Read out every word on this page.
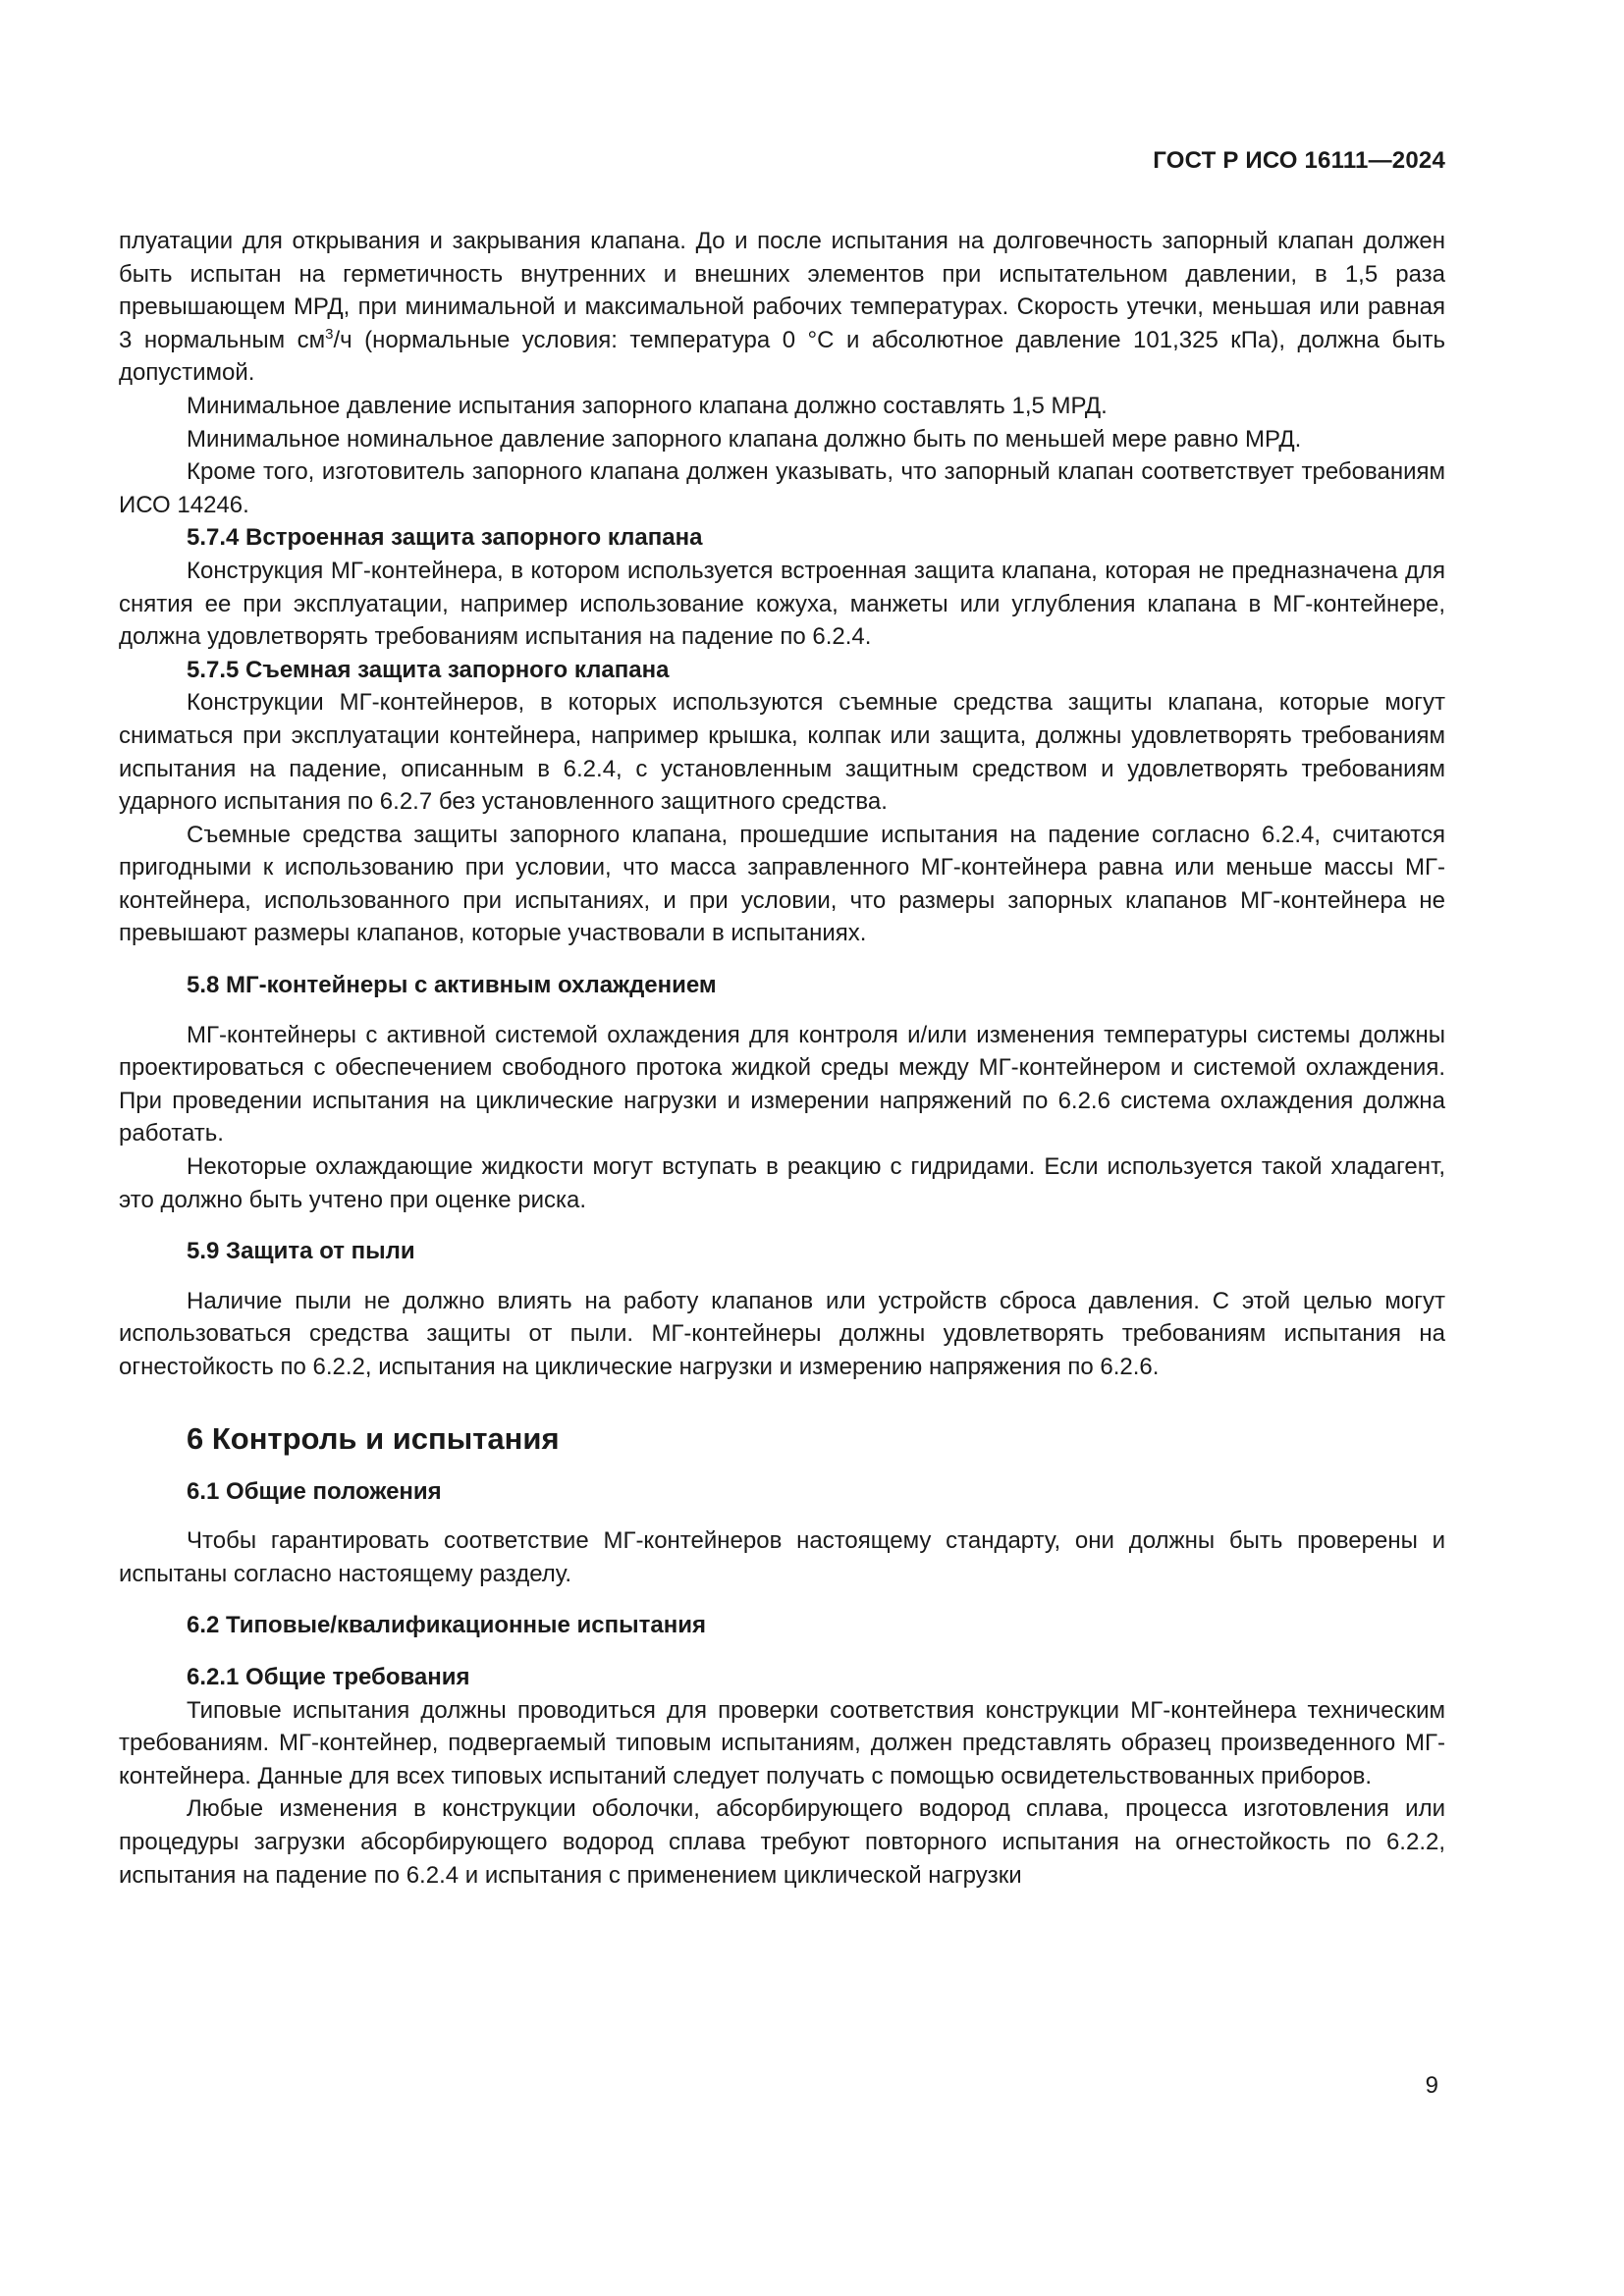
ГОСТ Р ИСО 16111—2024

плуатации для открывания и закрывания клапана. До и после испытания на долговечность запорный клапан должен быть испытан на герметичность внутренних и внешних элементов при испытательном давлении, в 1,5 раза превышающем МРД, при минимальной и максимальной рабочих температурах. Скорость утечки, меньшая или равная 3 нормальным $см^3/ч$ (нормальные условия: температура 0 °С и абсолютное давление 101,325 кПа), должна быть допустимой.

Минимальное давление испытания запорного клапана должно составлять 1,5 МРД.

Минимальное номинальное давление запорного клапана должно быть по меньшей мере равно МРД.

Кроме того, изготовитель запорного клапана должен указывать, что запорный клапан соответствует требованиям ИСО 14246.

5.7.4 Встроенная защита запорного клапана

Конструкция МГ-контейнера, в котором используется встроенная защита клапана, которая не предназначена для снятия ее при эксплуатации, например использование кожуха, манжеты или углубления клапана в МГ-контейнере, должна удовлетворять требованиям испытания на падение по 6.2.4.

5.7.5 Съемная защита запорного клапана

Конструкции МГ-контейнеров, в которых используются съемные средства защиты клапана, которые могут сниматься при эксплуатации контейнера, например крышка, колпак или защита, должны удовлетворять требованиям испытания на падение, описанным в 6.2.4, с установленным защитным средством и удовлетворять требованиям ударного испытания по 6.2.7 без установленного защитного средства.

Съемные средства защиты запорного клапана, прошедшие испытания на падение согласно 6.2.4, считаются пригодными к использованию при условии, что масса заправленного МГ-контейнера равна или меньше массы МГ-контейнера, использованного при испытаниях, и при условии, что размеры запорных клапанов МГ-контейнера не превышают размеры клапанов, которые участвовали в испытаниях.

5.8 МГ-контейнеры с активным охлаждением

МГ-контейнеры с активной системой охлаждения для контроля и/или изменения температуры системы должны проектироваться с обеспечением свободного протока жидкой среды между МГ-контейнером и системой охлаждения. При проведении испытания на циклические нагрузки и измерении напряжений по 6.2.6 система охлаждения должна работать.

Некоторые охлаждающие жидкости могут вступать в реакцию с гидридами. Если используется такой хладагент, это должно быть учтено при оценке риска.

5.9 Защита от пыли

Наличие пыли не должно влиять на работу клапанов или устройств сброса давления. С этой целью могут использоваться средства защиты от пыли. МГ-контейнеры должны удовлетворять требованиям испытания на огнестойкость по 6.2.2, испытания на циклические нагрузки и измерению напряжения по 6.2.6.

6 Контроль и испытания

6.1 Общие положения

Чтобы гарантировать соответствие МГ-контейнеров настоящему стандарту, они должны быть проверены и испытаны согласно настоящему разделу.

6.2 Типовые/квалификационные испытания

6.2.1 Общие требования

Типовые испытания должны проводиться для проверки соответствия конструкции МГ-контейнера техническим требованиям. МГ-контейнер, подвергаемый типовым испытаниям, должен представлять образец произведенного МГ-контейнера. Данные для всех типовых испытаний следует получать с помощью освидетельствованных приборов.

Любые изменения в конструкции оболочки, абсорбирующего водород сплава, процесса изготовления или процедуры загрузки абсорбирующего водород сплава требуют повторного испытания на огнестойкость по 6.2.2, испытания на падение по 6.2.4 и испытания с применением циклической нагрузки

9
